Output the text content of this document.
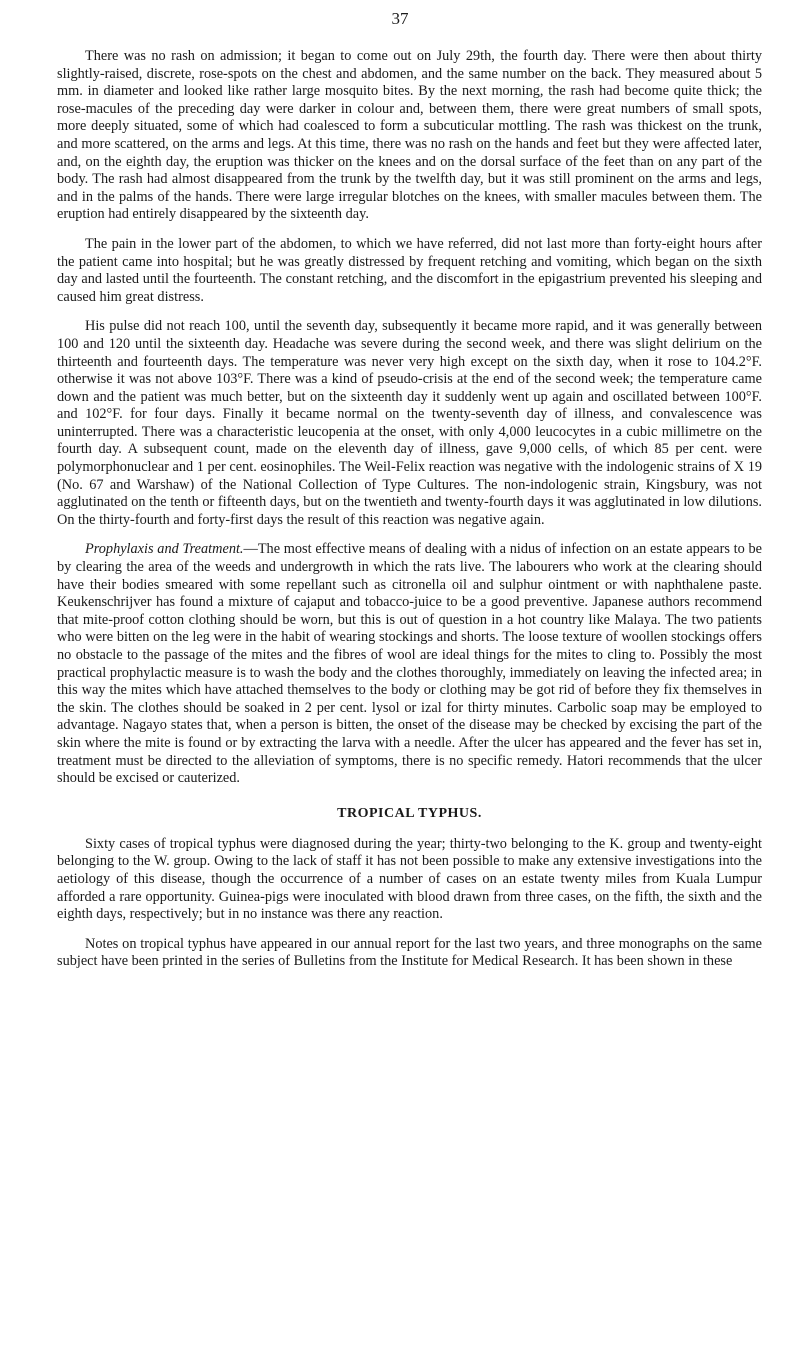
37

There was no rash on admission; it began to come out on July 29th, the fourth day. There were then about thirty slightly-raised, discrete, rose-spots on the chest and abdomen, and the same number on the back. They measured about 5 mm. in diameter and looked like rather large mosquito bites. By the next morning, the rash had become quite thick; the rose-macules of the preceding day were darker in colour and, between them, there were great numbers of small spots, more deeply situated, some of which had coalesced to form a subcuticular mottling. The rash was thickest on the trunk, and more scattered, on the arms and legs. At this time, there was no rash on the hands and feet but they were affected later, and, on the eighth day, the eruption was thicker on the knees and on the dorsal surface of the feet than on any part of the body. The rash had almost disappeared from the trunk by the twelfth day, but it was still prominent on the arms and legs, and in the palms of the hands. There were large irregular blotches on the knees, with smaller macules between them. The eruption had entirely disappeared by the sixteenth day.

The pain in the lower part of the abdomen, to which we have referred, did not last more than forty-eight hours after the patient came into hospital; but he was greatly distressed by frequent retching and vomiting, which began on the sixth day and lasted until the fourteenth. The constant retching, and the discomfort in the epigastrium prevented his sleeping and caused him great distress.

His pulse did not reach 100, until the seventh day, subsequently it became more rapid, and it was generally between 100 and 120 until the sixteenth day. Headache was severe during the second week, and there was slight delirium on the thirteenth and fourteenth days. The temperature was never very high except on the sixth day, when it rose to 104.2°F. otherwise it was not above 103°F. There was a kind of pseudo-crisis at the end of the second week; the temperature came down and the patient was much better, but on the sixteenth day it suddenly went up again and oscillated between 100°F. and 102°F. for four days. Finally it became normal on the twenty-seventh day of illness, and convalescence was uninterrupted. There was a characteristic leucopenia at the onset, with only 4,000 leucocytes in a cubic millimetre on the fourth day. A subsequent count, made on the eleventh day of illness, gave 9,000 cells, of which 85 per cent. were polymorphonuclear and 1 per cent. eosinophiles. The Weil-Felix reaction was negative with the indologenic strains of X 19 (No. 67 and Warshaw) of the National Collection of Type Cultures. The non-indologenic strain, Kingsbury, was not agglutinated on the tenth or fifteenth days, but on the twentieth and twenty-fourth days it was agglutinated in low dilutions. On the thirty-fourth and forty-first days the result of this reaction was negative again.

Prophylaxis and Treatment.—The most effective means of dealing with a nidus of infection on an estate appears to be by clearing the area of the weeds and undergrowth in which the rats live. The labourers who work at the clearing should have their bodies smeared with some repellant such as citronella oil and sulphur ointment or with naphthalene paste. Keukenschrijver has found a mixture of cajaput and tobacco-juice to be a good preventive. Japanese authors recommend that mite-proof cotton clothing should be worn, but this is out of question in a hot country like Malaya. The two patients who were bitten on the leg were in the habit of wearing stockings and shorts. The loose texture of woollen stockings offers no obstacle to the passage of the mites and the fibres of wool are ideal things for the mites to cling to. Possibly the most practical prophylactic measure is to wash the body and the clothes thoroughly, immediately on leaving the infected area; in this way the mites which have attached themselves to the body or clothing may be got rid of before they fix themselves in the skin. The clothes should be soaked in 2 per cent. lysol or izal for thirty minutes. Carbolic soap may be employed to advantage. Nagayo states that, when a person is bitten, the onset of the disease may be checked by excising the part of the skin where the mite is found or by extracting the larva with a needle. After the ulcer has appeared and the fever has set in, treatment must be directed to the alleviation of symptoms, there is no specific remedy. Hatori recommends that the ulcer should be excised or cauterized.

TROPICAL TYPHUS.

Sixty cases of tropical typhus were diagnosed during the year; thirty-two belonging to the K. group and twenty-eight belonging to the W. group. Owing to the lack of staff it has not been possible to make any extensive investigations into the aetiology of this disease, though the occurrence of a number of cases on an estate twenty miles from Kuala Lumpur afforded a rare opportunity. Guinea-pigs were inoculated with blood drawn from three cases, on the fifth, the sixth and the eighth days, respectively; but in no instance was there any reaction.

Notes on tropical typhus have appeared in our annual report for the last two years, and three monographs on the same subject have been printed in the series of Bulletins from the Institute for Medical Research. It has been shown in these
